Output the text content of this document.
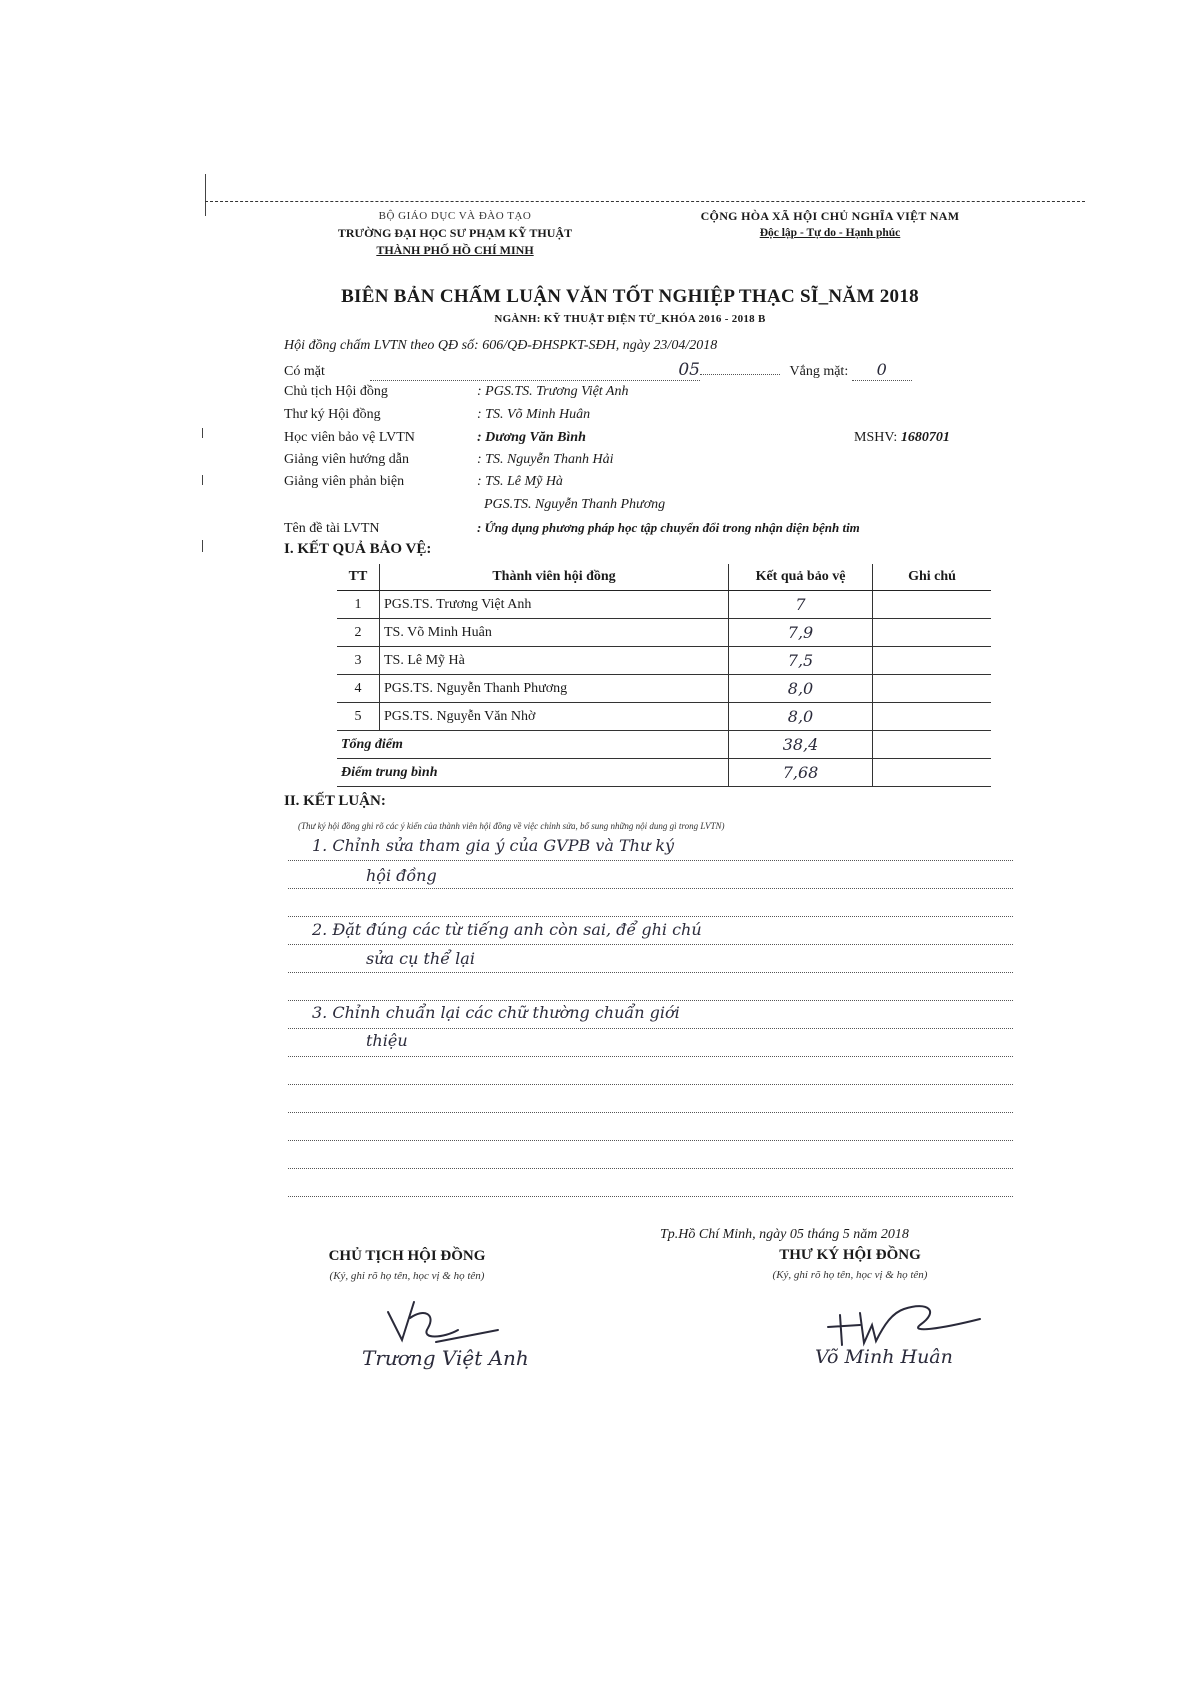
BỘ GIÁO DỤC VÀ ĐÀO TẠO
TRƯỜNG ĐẠI HỌC SƯ PHẠM KỸ THUẬT
THÀNH PHỐ HỒ CHÍ MINH
CỘNG HÒA XÃ HỘI CHỦ NGHĨA VIỆT NAM
Độc lập - Tự do - Hạnh phúc
BIÊN BẢN CHẤM LUẬN VĂN TỐT NGHIỆP THẠC SĨ_NĂM 2018
NGÀNH: KỸ THUẬT ĐIỆN TỬ_KHÓA 2016 - 2018 B
Hội đồng chấm LVTN theo QĐ số: 606/QĐ-ĐHSPKT-SĐH, ngày 23/04/2018
Có mặt	05	Vắng mặt: 0
Chủ tịch Hội đồng	: PGS.TS. Trương Việt Anh
Thư ký Hội đồng	: TS. Võ Minh Huân
Học viên bảo vệ LVTN	: Dương Văn Bình	MSHV: 1680701
Giảng viên hướng dẫn	: TS. Nguyễn Thanh Hải
Giảng viên phản biện	: TS. Lê Mỹ Hà
PGS.TS. Nguyễn Thanh Phương
Tên đề tài LVTN	: Ứng dụng phương pháp học tập chuyển đổi trong nhận diện bệnh tim
I. KẾT QUẢ BẢO VỆ:
TT	Thành viên hội đồng	Kết quả bảo vệ	Ghi chú
1	PGS.TS. Trương Việt Anh	7	
2	TS. Võ Minh Huân	7,9	
3	TS. Lê Mỹ Hà	7,5	
4	PGS.TS. Nguyễn Thanh Phương	8,0	
5	PGS.TS. Nguyễn Văn Nhờ	8,0	
Tổng điểm		38,4	
Điểm trung bình		7,68	
II. KẾT LUẬN:
(Thư ký hội đồng ghi rõ các ý kiến của thành viên hội đồng về việc chỉnh sửa, bổ sung những nội dung gì trong LVTN)
1. Chỉnh sửa tham gia ý của GVPB và Thư ký
hội đồng
2. Đặt đúng các từ tiếng anh còn sai, để ghi chú
sửa cụ thể lại
3. Chỉnh chuẩn lại các chữ thường chuẩn giới
thiệu
Tp.Hồ Chí Minh, ngày 05 tháng 5 năm 2018
CHỦ TỊCH HỘI ĐỒNG
(Ký, ghi rõ họ tên, học vị & họ tên)
THƯ KÝ HỘI ĐỒNG
(Ký, ghi rõ họ tên, học vị & họ tên)
Trương Việt Anh	Võ Minh Huân
